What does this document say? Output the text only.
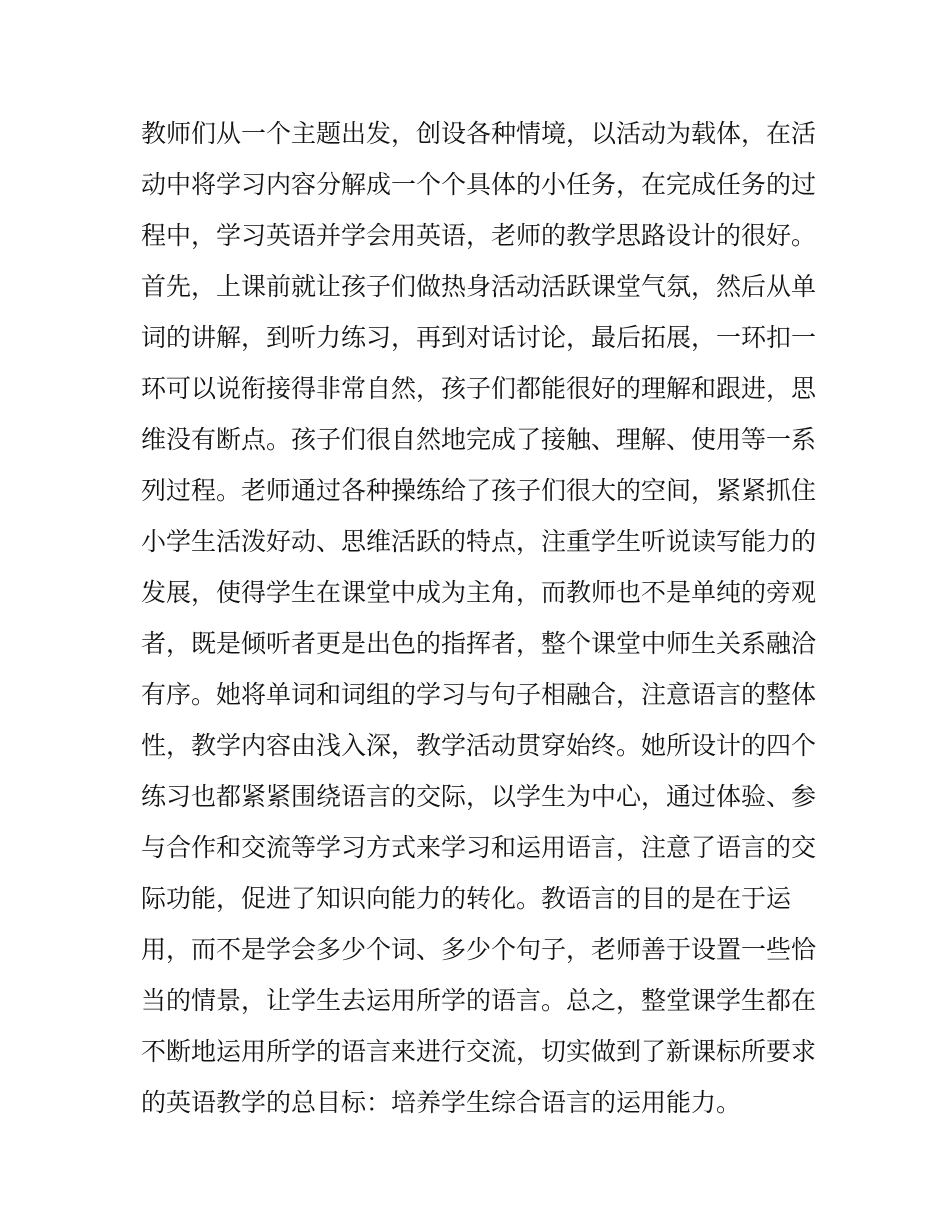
教师们从一个主题出发，创设各种情境，以活动为载体，在活
动中将学习内容分解成一个个具体的小任务，在完成任务的过
程中，学习英语并学会用英语，老师的教学思路设计的很好。
首先，上课前就让孩子们做热身活动活跃课堂气氛，然后从单
词的讲解，到听力练习，再到对话讨论，最后拓展，一环扣一
环可以说衔接得非常自然，孩子们都能很好的理解和跟进，思
维没有断点。孩子们很自然地完成了接触、理解、使用等一系
列过程。老师通过各种操练给了孩子们很大的空间，紧紧抓住
小学生活泼好动、思维活跃的特点，注重学生听说读写能力的
发展，使得学生在课堂中成为主角，而教师也不是单纯的旁观
者，既是倾听者更是出色的指挥者，整个课堂中师生关系融洽
有序。她将单词和词组的学习与句子相融合，注意语言的整体
性，教学内容由浅入深，教学活动贯穿始终。她所设计的四个
练习也都紧紧围绕语言的交际，以学生为中心，通过体验、参
与合作和交流等学习方式来学习和运用语言，注意了语言的交
际功能，促进了知识向能力的转化。教语言的目的是在于运
用，而不是学会多少个词、多少个句子，老师善于设置一些恰
当的情景，让学生去运用所学的语言。总之，整堂课学生都在
不断地运用所学的语言来进行交流，切实做到了新课标所要求
的英语教学的总目标：培养学生综合语言的运用能力。
